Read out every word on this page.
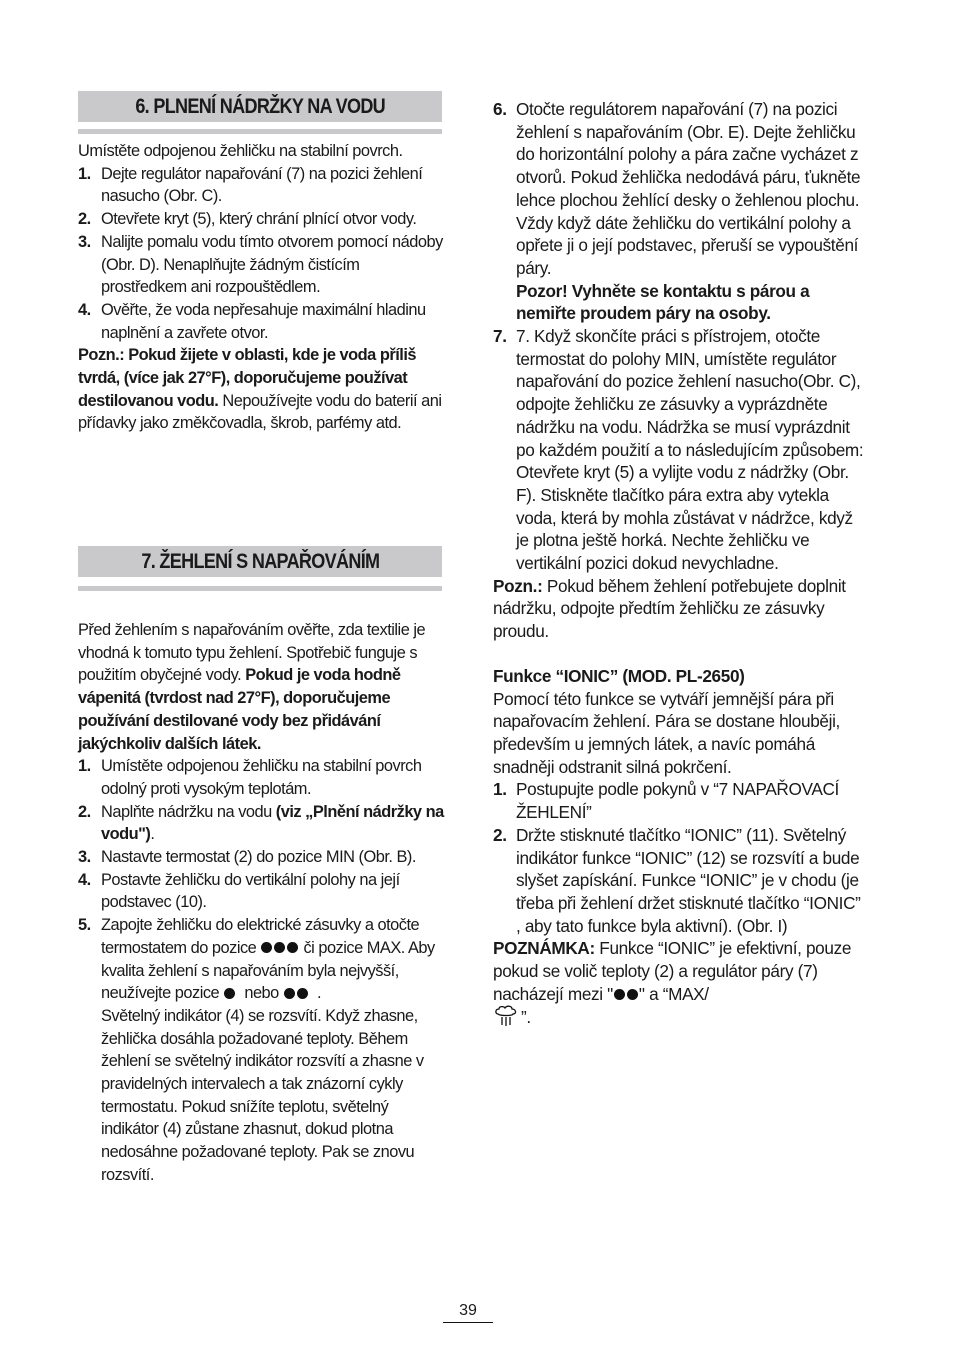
6. PLNENÍ NÁDRŽKY NA VODU
Umístěte odpojenou žehličku na stabilní povrch.
1. Dejte regulátor napařování (7) na pozici žehlení nasucho (Obr. C).
2. Otevřete kryt (5), který chrání plnící otvor vody.
3. Nalijte pomalu vodu tímto otvorem pomocí nádoby (Obr. D). Nenaplňujte žádným čistícím prostředkem ani rozpouštědlem.
4. Ověřte, že voda nepřesahuje maximální hladinu naplnění a zavřete otvor.
Pozn.: Pokud žijete v oblasti, kde je voda příliš tvrdá, (více jak 27°F), doporučujeme používat destilovanou vodu. Nepoužívejte vodu do baterií ani přídavky jako změkčovadla, škrob, parfémy atd.
7. ŽEHLENÍ S NAPAŘOVÁNÍM
Před žehlením s napařováním ověřte, zda textilie je vhodná k tomuto typu žehlení. Spotřebič funguje s použitím obyčejné vody. Pokud je voda hodně vápenitá (tvrdost nad 27°F), doporučujeme používání destilované vody bez přidávání jakýchkoliv dalších látek.
1. Umístěte odpojenou žehličku na stabilní povrch odolný proti vysokým teplotám.
2. Naplňte nádržku na vodu (viz „Plnění nádržky na vodu").
3. Nastavte termostat (2) do pozice MIN (Obr. B).
4. Postavte žehličku do vertikální polohy na její podstavec (10).
5. Zapojte žehličku do elektrické zásuvky a otočte termostatem do pozice	či pozice MAX. Aby kvalita žehlení s napařováním byla nejvyšší, neužívejte pozice nebo .
Světelný indikátor (4) se rozsvítí. Když zhasne, žehlička dosáhla požadované teploty. Během žehlení se světelný indikátor rozsvítí a zhasne v pravidelných intervalech a tak znázorní cykly termostatu. Pokud snížíte teplotu, světelný indikátor (4) zůstane zhasnut, dokud plotna nedosáhne požadované teploty. Pak se znovu rozsvítí.
6. Otočte regulátorem napařování (7) na pozici žehlení s napařováním (Obr. E). Dejte žehličku do horizontální polohy a pára začne vycházet z otvorů. Pokud žehlička nedodává páru, ťukněte lehce plochou žehlící desky o žehlenou plochu. Vždy když dáte žehličku do vertikální polohy a opřete ji o její podstavec, přeruší se vypouštění páry.
Pozor! Vyhněte se kontaktu s párou a nemiřte proudem páry na osoby.
7. 7. Když skončíte práci s přístrojem, otočte termostat do polohy MIN, umístěte regulátor napařování do pozice žehlení nasucho(Obr. C), odpojte žehličku ze zásuvky a vyprázdněte nádržku na vodu. Nádržka se musí vyprázdnit po každém použití a to následujícím způsobem: Otevřete kryt (5) a vylijte vodu z nádržky (Obr. F). Stiskněte tlačítko pára extra aby vytekla voda, která by mohla zůstávat v nádržce, když je plotna ještě horká. Nechte žehličku ve vertikální pozici dokud nevychladne.
Pozn.: Pokud během žehlení potřebujete doplnit nádržku, odpojte předtím žehličku ze zásuvky proudu.
Funkce “IONIC” (MOD. PL-2650)
Pomocí této funkce se vytváří jemnější pára při napařovacím žehlení. Pára se dostane hlouběji, především u jemných látek, a navíc pomáhá snadněji odstranit silná pokrčení.
1. Postupujte podle pokynů v “7 NAPAŘOVACÍ ŽEHLENÍ”
2. Držte stisknuté tlačítko “IONIC” (11). Světelný indikátor funkce “IONIC” (12) se rozsvítí a bude slyšet zapískání. Funkce “IONIC” je v chodu (je třeba při žehlení držet stisknuté tlačítko “IONIC” , aby tato funkce byla aktivní). (Obr. I)
POZNÁMKA: Funkce “IONIC” je efektivní, pouze pokud se volič teploty (2) a regulátor páry (7) nacházejí mezi " " a “MAX/
”.
39
